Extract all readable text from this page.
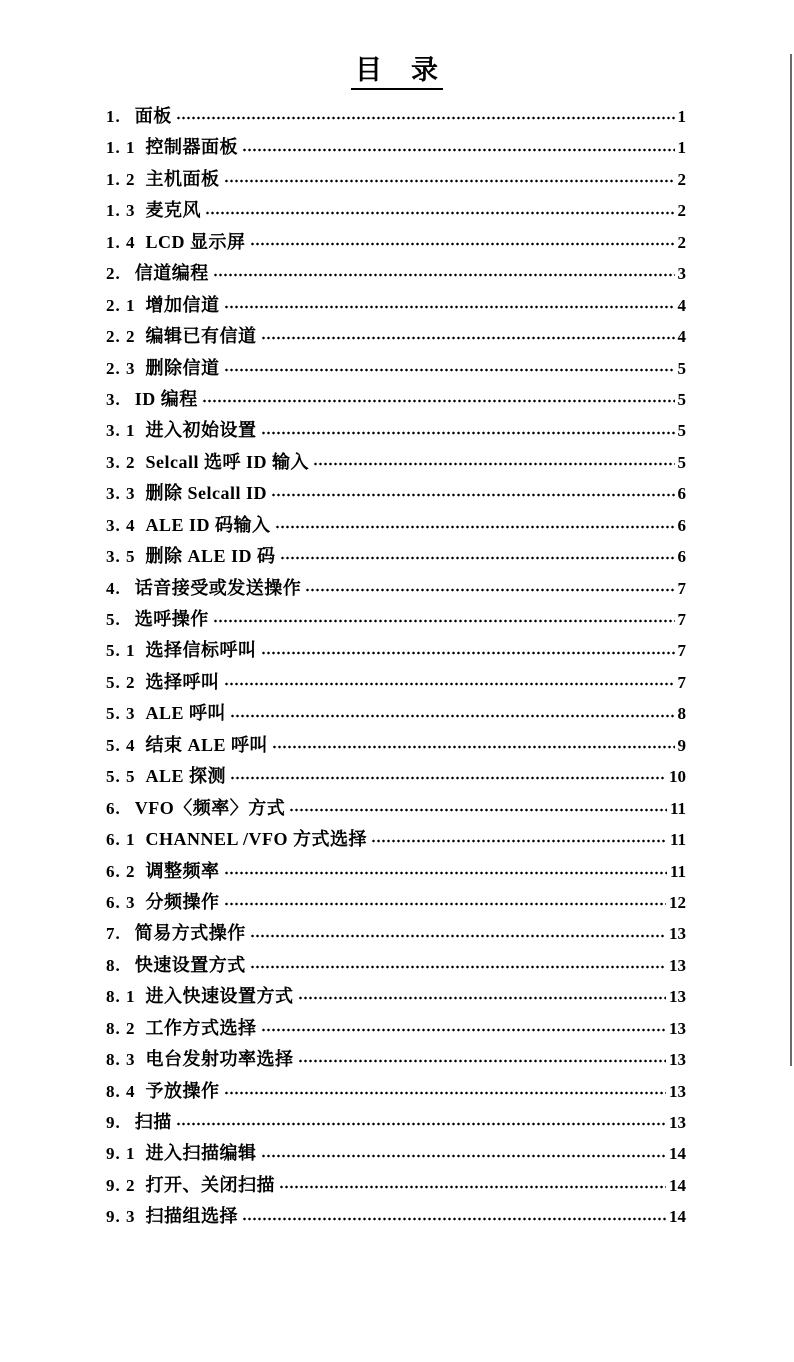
目　录
1. 面板	1
1. 1 控制器面板	1
1. 2 主机面板	2
1. 3 麦克风	2
1. 4 LCD 显示屏	2
2. 信道编程	3
2. 1 增加信道	4
2. 2 编辑已有信道	4
2. 3 删除信道	5
3. ID 编程	5
3. 1 进入初始设置	5
3. 2 Selcall 选呼 ID 输入	5
3. 3 删除 Selcall ID	6
3. 4 ALE ID 码输入	6
3. 5 删除 ALE ID 码	6
4. 话音接受或发送操作	7
5. 选呼操作	7
5. 1 选择信标呼叫	7
5. 2 选择呼叫	7
5. 3 ALE 呼叫	8
5. 4 结束 ALE 呼叫	9
5. 5 ALE 探测	10
6. VFO〈频率〉方式	11
6. 1 CHANNEL /VFO 方式选择	11
6. 2 调整频率	11
6. 3 分频操作	12
7. 简易方式操作	13
8. 快速设置方式	13
8. 1 进入快速设置方式	13
8. 2 工作方式选择	13
8. 3 电台发射功率选择	13
8. 4 予放操作	13
9. 扫描	13
9. 1 进入扫描编辑	14
9. 2 打开、关闭扫描	14
9. 3 扫描组选择	14
